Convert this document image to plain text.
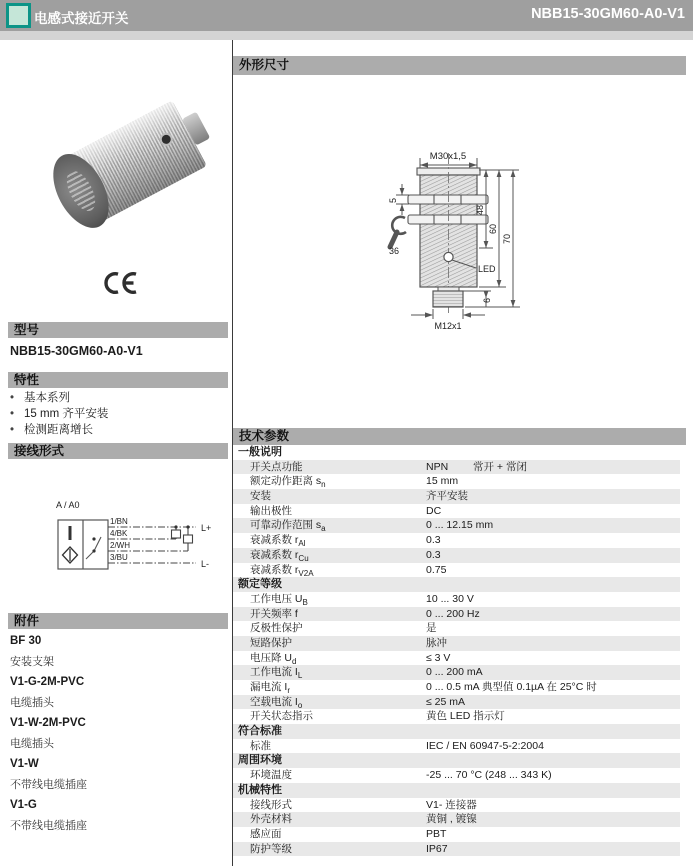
电感式接近开关	NBB15-30GM60-A0-V1
型号
NBB15-30GM60-A0-V1
特性
• 基本系列
• 15 mm 齐平安装
• 检测距离增长
接线形式
A / A0
1/BN
4/BK
2/WH
3/BU
L+
L-
附件

BF 30

安装支架

V1-G-2M-PVC

电缆插头

V1-W-2M-PVC

电缆插头

V1-W

不带线电缆插座

V1-G

不带线电缆插座

外形尺寸
M30x1,5
5
36
LED
M12x1
48
60
70
6
技术参数
一般说明
开关点功能	NPN 常开 + 常闭
额定动作距离 $s_n$	15 mm
安装	齐平安装
输出极性	DC
可靠动作范围 $s_a$	0 ... 12.15 mm
衰减系数 $r_{Al}$	0.3
衰减系数 $r_{Cu}$	0.3
衰减系数 $r_{V2A}$	0.75
额定等级
工作电压 $U_B$	10 ... 30 V
开关频率 f	0 ... 200 Hz
反极性保护	是
短路保护	脉冲
电压降 $U_d$	≤ 3 V
工作电流 $I_L$	0 ... 200 mA
漏电流 $I_r$	0 ... 0.5 mA 典型值 0.1µA 在 25°C 时
空载电流 $I_o$	≤ 25 mA
开关状态指示	黄色 LED 指示灯
符合标准
标准	IEC / EN 60947-5-2:2004
周围环境
环境温度	-25 ... 70 °C (248 ... 343 K)
机械特性
接线形式	V1- 连接器
外壳材料	黄铜 , 镀镍
感应面	PBT
防护等级	IP67
